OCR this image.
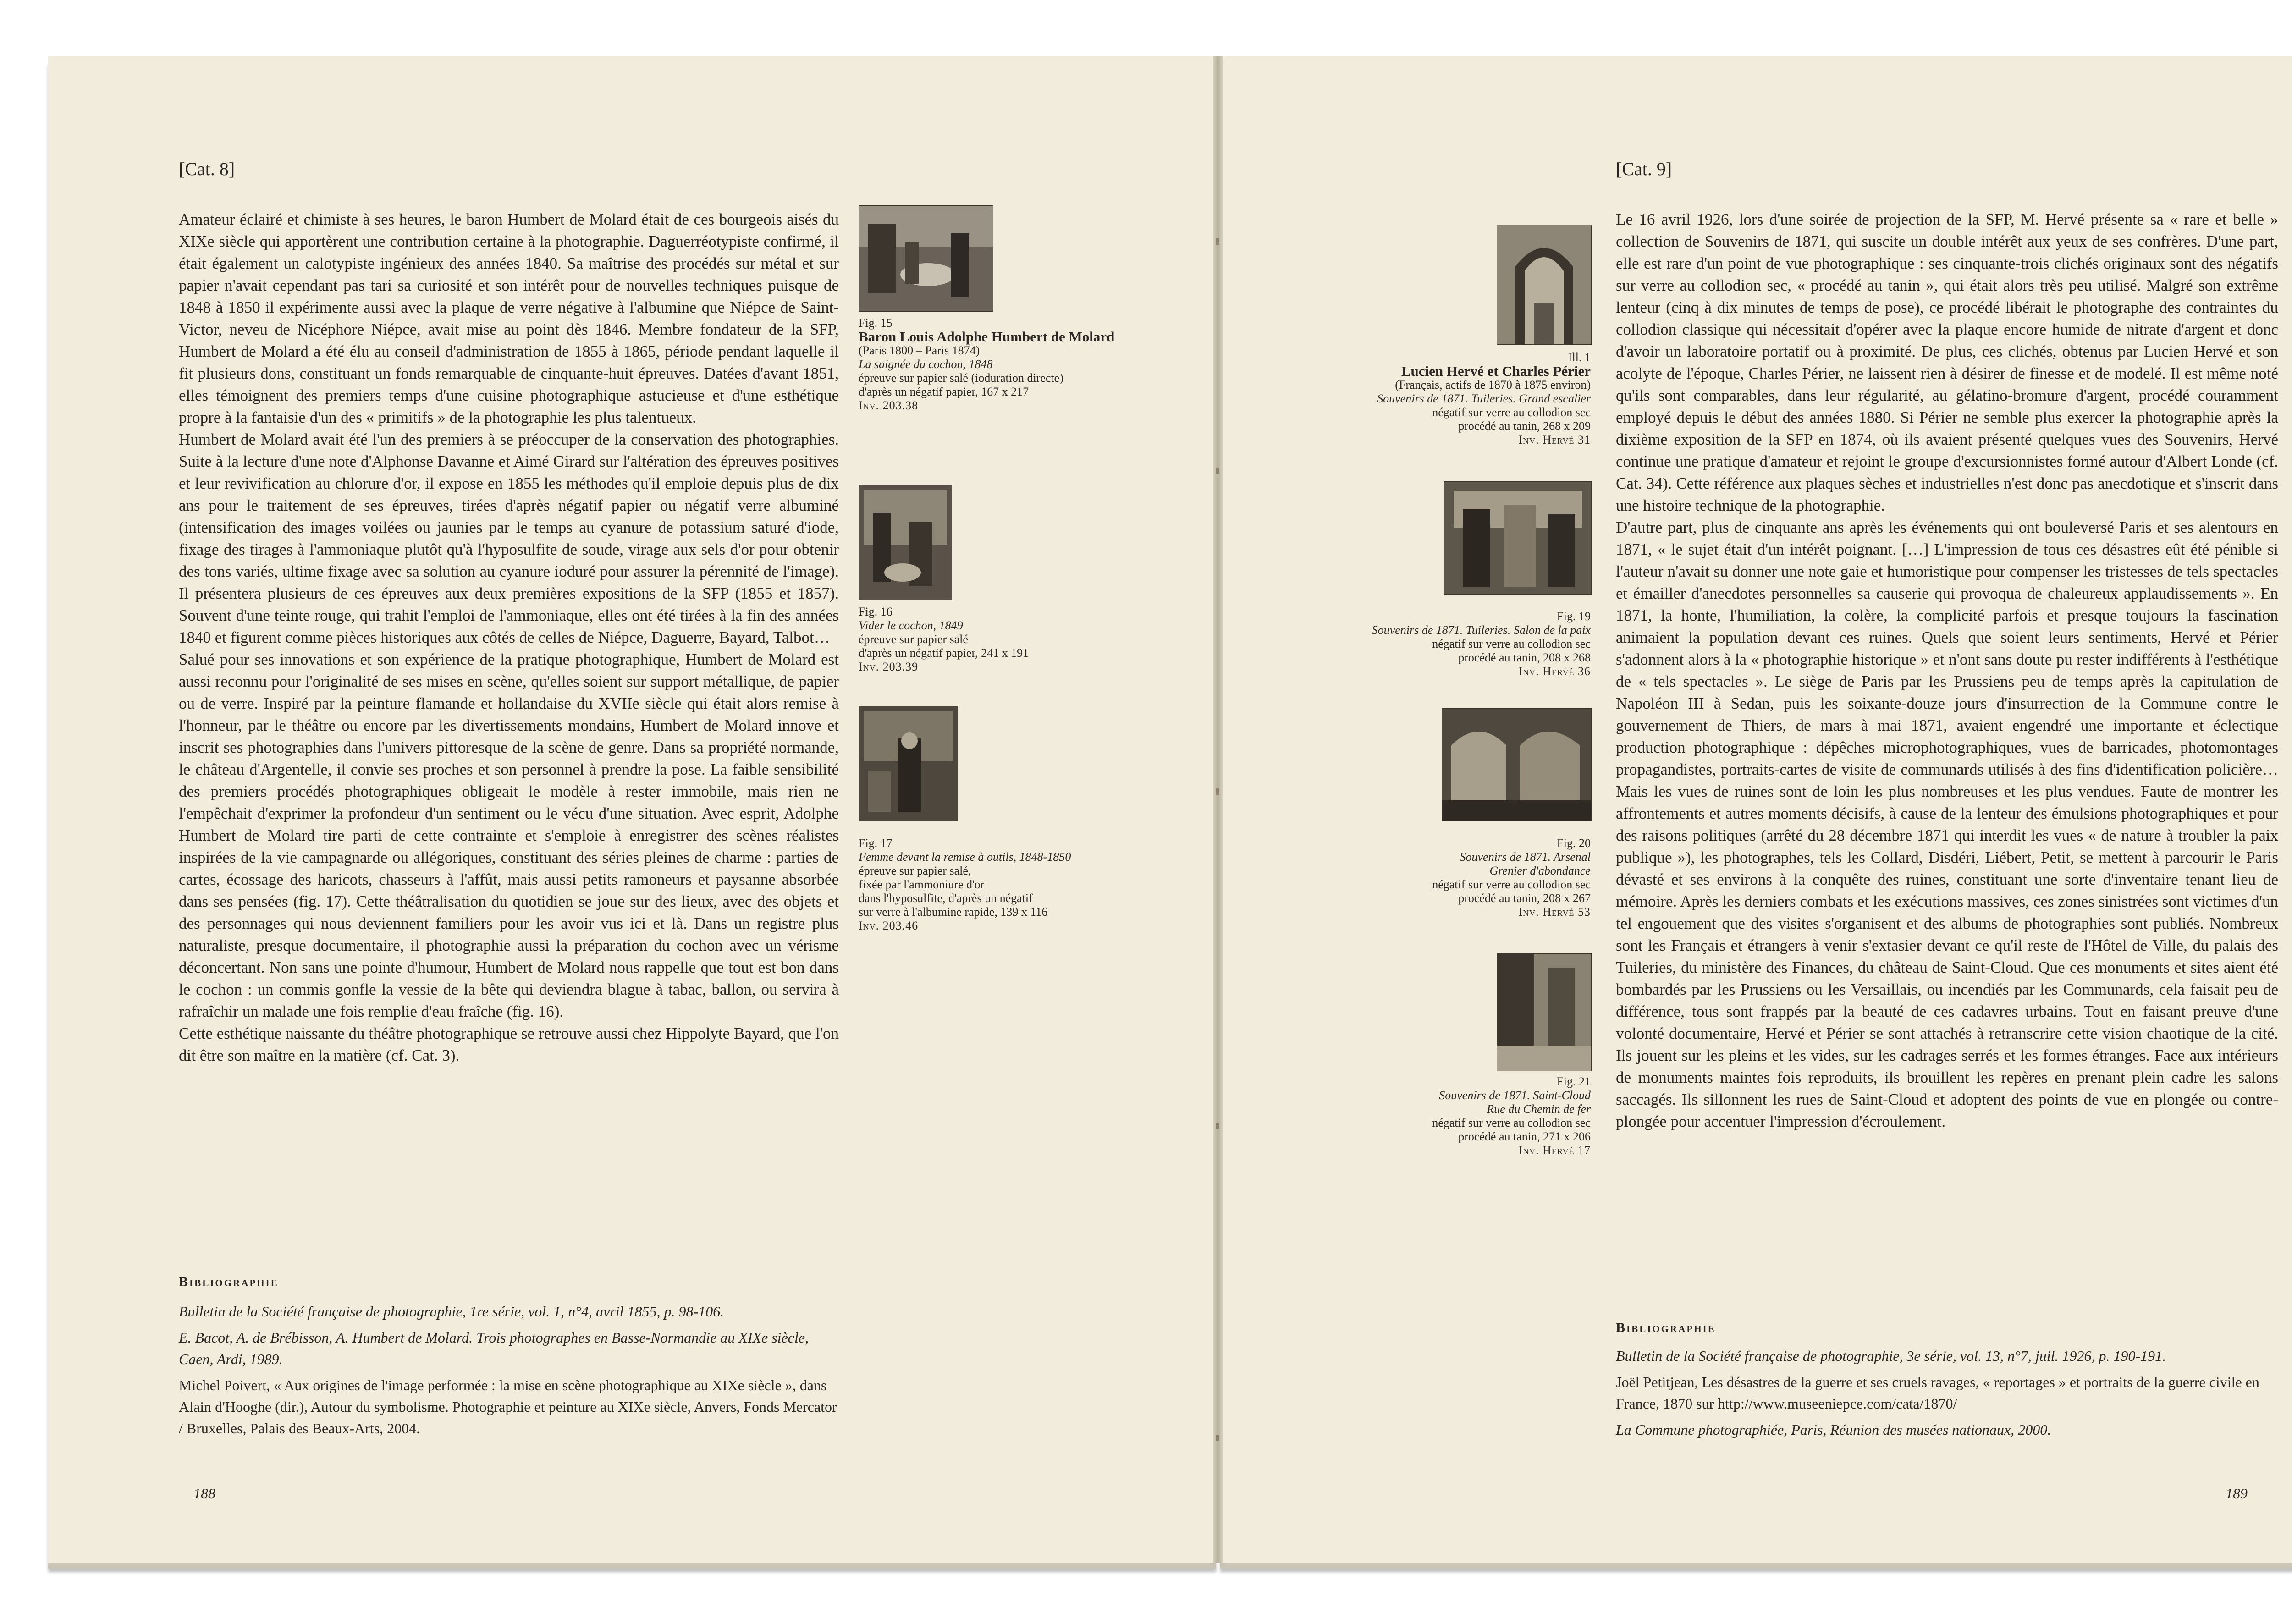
[Cat. 8]

Amateur éclairé et chimiste à ses heures, le baron Humbert de Molard était de ces bourgeois aisés du XIXe siècle qui apportèrent une contribution certaine à la photographie. Daguerréotypiste confirmé, il était également un calotypiste ingénieux des années 1840. Sa maîtrise des procédés sur métal et sur papier n'avait cependant pas tari sa curiosité et son intérêt pour de nouvelles techniques puisque de 1848 à 1850 il expérimente aussi avec la plaque de verre négative à l'albumine que Niépce de Saint-Victor, neveu de Nicéphore Niépce, avait mise au point dès 1846. Membre fondateur de la SFP, Humbert de Molard a été élu au conseil d'administration de 1855 à 1865, période pendant laquelle il fit plusieurs dons, constituant un fonds remarquable de cinquante-huit épreuves. Datées d'avant 1851, elles témoignent des premiers temps d'une cuisine photographique astucieuse et d'une esthétique propre à la fantaisie d'un des « primitifs » de la photographie les plus talentueux.

Humbert de Molard avait été l'un des premiers à se préoccuper de la conservation des photographies. Suite à la lecture d'une note d'Alphonse Davanne et Aimé Girard sur l'altération des épreuves positives et leur revivification au chlorure d'or, il expose en 1855 les méthodes qu'il emploie depuis plus de dix ans pour le traitement de ses épreuves, tirées d'après négatif papier ou négatif verre albuminé (intensification des images voilées ou jaunies par le temps au cyanure de potassium saturé d'iode, fixage des tirages à l'ammoniaque plutôt qu'à l'hyposulfite de soude, virage aux sels d'or pour obtenir des tons variés, ultime fixage avec sa solution au cyanure ioduré pour assurer la pérennité de l'image). Il présentera plusieurs de ces épreuves aux deux premières expositions de la SFP (1855 et 1857). Souvent d'une teinte rouge, qui trahit l'emploi de l'ammoniaque, elles ont été tirées à la fin des années 1840 et figurent comme pièces historiques aux côtés de celles de Niépce, Daguerre, Bayard, Talbot…

Salué pour ses innovations et son expérience de la pratique photographique, Humbert de Molard est aussi reconnu pour l'originalité de ses mises en scène, qu'elles soient sur support métallique, de papier ou de verre. Inspiré par la peinture flamande et hollandaise du XVIIe siècle qui était alors remise à l'honneur, par le théâtre ou encore par les divertissements mondains, Humbert de Molard innove et inscrit ses photographies dans l'univers pittoresque de la scène de genre. Dans sa propriété normande, le château d'Argentelle, il convie ses proches et son personnel à prendre la pose. La faible sensibilité des premiers procédés photographiques obligeait le modèle à rester immobile, mais rien ne l'empêchait d'exprimer la profondeur d'un sentiment ou le vécu d'une situation. Avec esprit, Adolphe Humbert de Molard tire parti de cette contrainte et s'emploie à enregistrer des scènes réalistes inspirées de la vie campagnarde ou allégoriques, constituant des séries pleines de charme : parties de cartes, écossage des haricots, chasseurs à l'affût, mais aussi petits ramoneurs et paysanne absorbée dans ses pensées (fig. 17). Cette théâtralisation du quotidien se joue sur des lieux, avec des objets et des personnages qui nous deviennent familiers pour les avoir vus ici et là. Dans un registre plus naturaliste, presque documentaire, il photographie aussi la préparation du cochon avec un vérisme déconcertant. Non sans une pointe d'humour, Humbert de Molard nous rappelle que tout est bon dans le cochon : un commis gonfle la vessie de la bête qui deviendra blague à tabac, ballon, ou servira à rafraîchir un malade une fois remplie d'eau fraîche (fig. 16).

Cette esthétique naissante du théâtre photographique se retrouve aussi chez Hippolyte Bayard, que l'on dit être son maître en la matière (cf. Cat. 3).

Fig. 15
Baron Louis Adolphe Humbert de Molard
(Paris 1800 – Paris 1874)
La saignée du cochon, 1848
épreuve sur papier salé (ioduration directe)
d'après un négatif papier, 167 x 217
Inv. 203.38
Fig. 16
Vider le cochon, 1849
épreuve sur papier salé
d'après un négatif papier, 241 x 191
Inv. 203.39
Fig. 17
Femme devant la remise à outils, 1848-1850
épreuve sur papier salé,
fixée par l'ammoniure d'or
dans l'hyposulfite, d'après un négatif
sur verre à l'albumine rapide, 139 x 116
Inv. 203.46
Bibliographie

Bulletin de la Société française de photographie, 1re série, vol. 1, n°4, avril 1855, p. 98-106.

E. Bacot, A. de Brébisson, A. Humbert de Molard. Trois photographes en Basse-Normandie au XIXe siècle, Caen, Ardi, 1989.

Michel Poivert, « Aux origines de l'image performée : la mise en scène photographique au XIXe siècle », dans Alain d'Hooghe (dir.), Autour du symbolisme. Photographie et peinture au XIXe siècle, Anvers, Fonds Mercator / Bruxelles, Palais des Beaux-Arts, 2004.

188
[Cat. 9]

Le 16 avril 1926, lors d'une soirée de projection de la SFP, M. Hervé présente sa « rare et belle » collection de Souvenirs de 1871, qui suscite un double intérêt aux yeux de ses confrères. D'une part, elle est rare d'un point de vue photographique : ses cinquante-trois clichés originaux sont des négatifs sur verre au collodion sec, « procédé au tanin », qui était alors très peu utilisé. Malgré son extrême lenteur (cinq à dix minutes de temps de pose), ce procédé libérait le photographe des contraintes du collodion classique qui nécessitait d'opérer avec la plaque encore humide de nitrate d'argent et donc d'avoir un laboratoire portatif ou à proximité. De plus, ces clichés, obtenus par Lucien Hervé et son acolyte de l'époque, Charles Périer, ne laissent rien à désirer de finesse et de modelé. Il est même noté qu'ils sont comparables, dans leur régularité, au gélatino-bromure d'argent, procédé couramment employé depuis le début des années 1880. Si Périer ne semble plus exercer la photographie après la dixième exposition de la SFP en 1874, où ils avaient présenté quelques vues des Souvenirs, Hervé continue une pratique d'amateur et rejoint le groupe d'excursionnistes formé autour d'Albert Londe (cf. Cat. 34). Cette référence aux plaques sèches et industrielles n'est donc pas anecdotique et s'inscrit dans une histoire technique de la photographie.

D'autre part, plus de cinquante ans après les événements qui ont bouleversé Paris et ses alentours en 1871, « le sujet était d'un intérêt poignant. […] L'impression de tous ces désastres eût été pénible si l'auteur n'avait su donner une note gaie et humoristique pour compenser les tristesses de tels spectacles et émailler d'anecdotes personnelles sa causerie qui provoqua de chaleureux applaudissements ». En 1871, la honte, l'humiliation, la colère, la complicité parfois et presque toujours la fascination animaient la population devant ces ruines. Quels que soient leurs sentiments, Hervé et Périer s'adonnent alors à la « photographie historique » et n'ont sans doute pu rester indifférents à l'esthétique de « tels spectacles ». Le siège de Paris par les Prussiens peu de temps après la capitulation de Napoléon III à Sedan, puis les soixante-douze jours d'insurrection de la Commune contre le gouvernement de Thiers, de mars à mai 1871, avaient engendré une importante et éclectique production photographique : dépêches microphotographiques, vues de barricades, photomontages propagandistes, portraits-cartes de visite de communards utilisés à des fins d'identification policière… Mais les vues de ruines sont de loin les plus nombreuses et les plus vendues. Faute de montrer les affrontements et autres moments décisifs, à cause de la lenteur des émulsions photographiques et pour des raisons politiques (arrêté du 28 décembre 1871 qui interdit les vues « de nature à troubler la paix publique »), les photographes, tels les Collard, Disdéri, Liébert, Petit, se mettent à parcourir le Paris dévasté et ses environs à la conquête des ruines, constituant une sorte d'inventaire tenant lieu de mémoire. Après les derniers combats et les exécutions massives, ces zones sinistrées sont victimes d'un tel engouement que des visites s'organisent et des albums de photographies sont publiés. Nombreux sont les Français et étrangers à venir s'extasier devant ce qu'il reste de l'Hôtel de Ville, du palais des Tuileries, du ministère des Finances, du château de Saint-Cloud. Que ces monuments et sites aient été bombardés par les Prussiens ou les Versaillais, ou incendiés par les Communards, cela faisait peu de différence, tous sont frappés par la beauté de ces cadavres urbains. Tout en faisant preuve d'une volonté documentaire, Hervé et Périer se sont attachés à retranscrire cette vision chaotique de la cité. Ils jouent sur les pleins et les vides, sur les cadrages serrés et les formes étranges. Face aux intérieurs de monuments maintes fois reproduits, ils brouillent les repères en prenant plein cadre les salons saccagés. Ils sillonnent les rues de Saint-Cloud et adoptent des points de vue en plongée ou contre-plongée pour accentuer l'impression d'écroulement.

Ill. 1
Lucien Hervé et Charles Périer
(Français, actifs de 1870 à 1875 environ)
Souvenirs de 1871. Tuileries. Grand escalier
négatif sur verre au collodion sec
procédé au tanin, 268 x 209
Inv. Hervé 31
Fig. 19
Souvenirs de 1871. Tuileries. Salon de la paix
négatif sur verre au collodion sec
procédé au tanin, 208 x 268
Inv. Hervé 36
Fig. 20
Souvenirs de 1871. Arsenal
Grenier d'abondance
négatif sur verre au collodion sec
procédé au tanin, 208 x 267
Inv. Hervé 53
Fig. 21
Souvenirs de 1871. Saint-Cloud
Rue du Chemin de fer
négatif sur verre au collodion sec
procédé au tanin, 271 x 206
Inv. Hervé 17
Bibliographie

Bulletin de la Société française de photographie, 3e série, vol. 13, n°7, juil. 1926, p. 190-191.

Joël Petitjean, Les désastres de la guerre et ses cruels ravages, « reportages » et portraits de la guerre civile en France, 1870 sur http://www.museeniepce.com/cata/1870/

La Commune photographiée, Paris, Réunion des musées nationaux, 2000.

189
